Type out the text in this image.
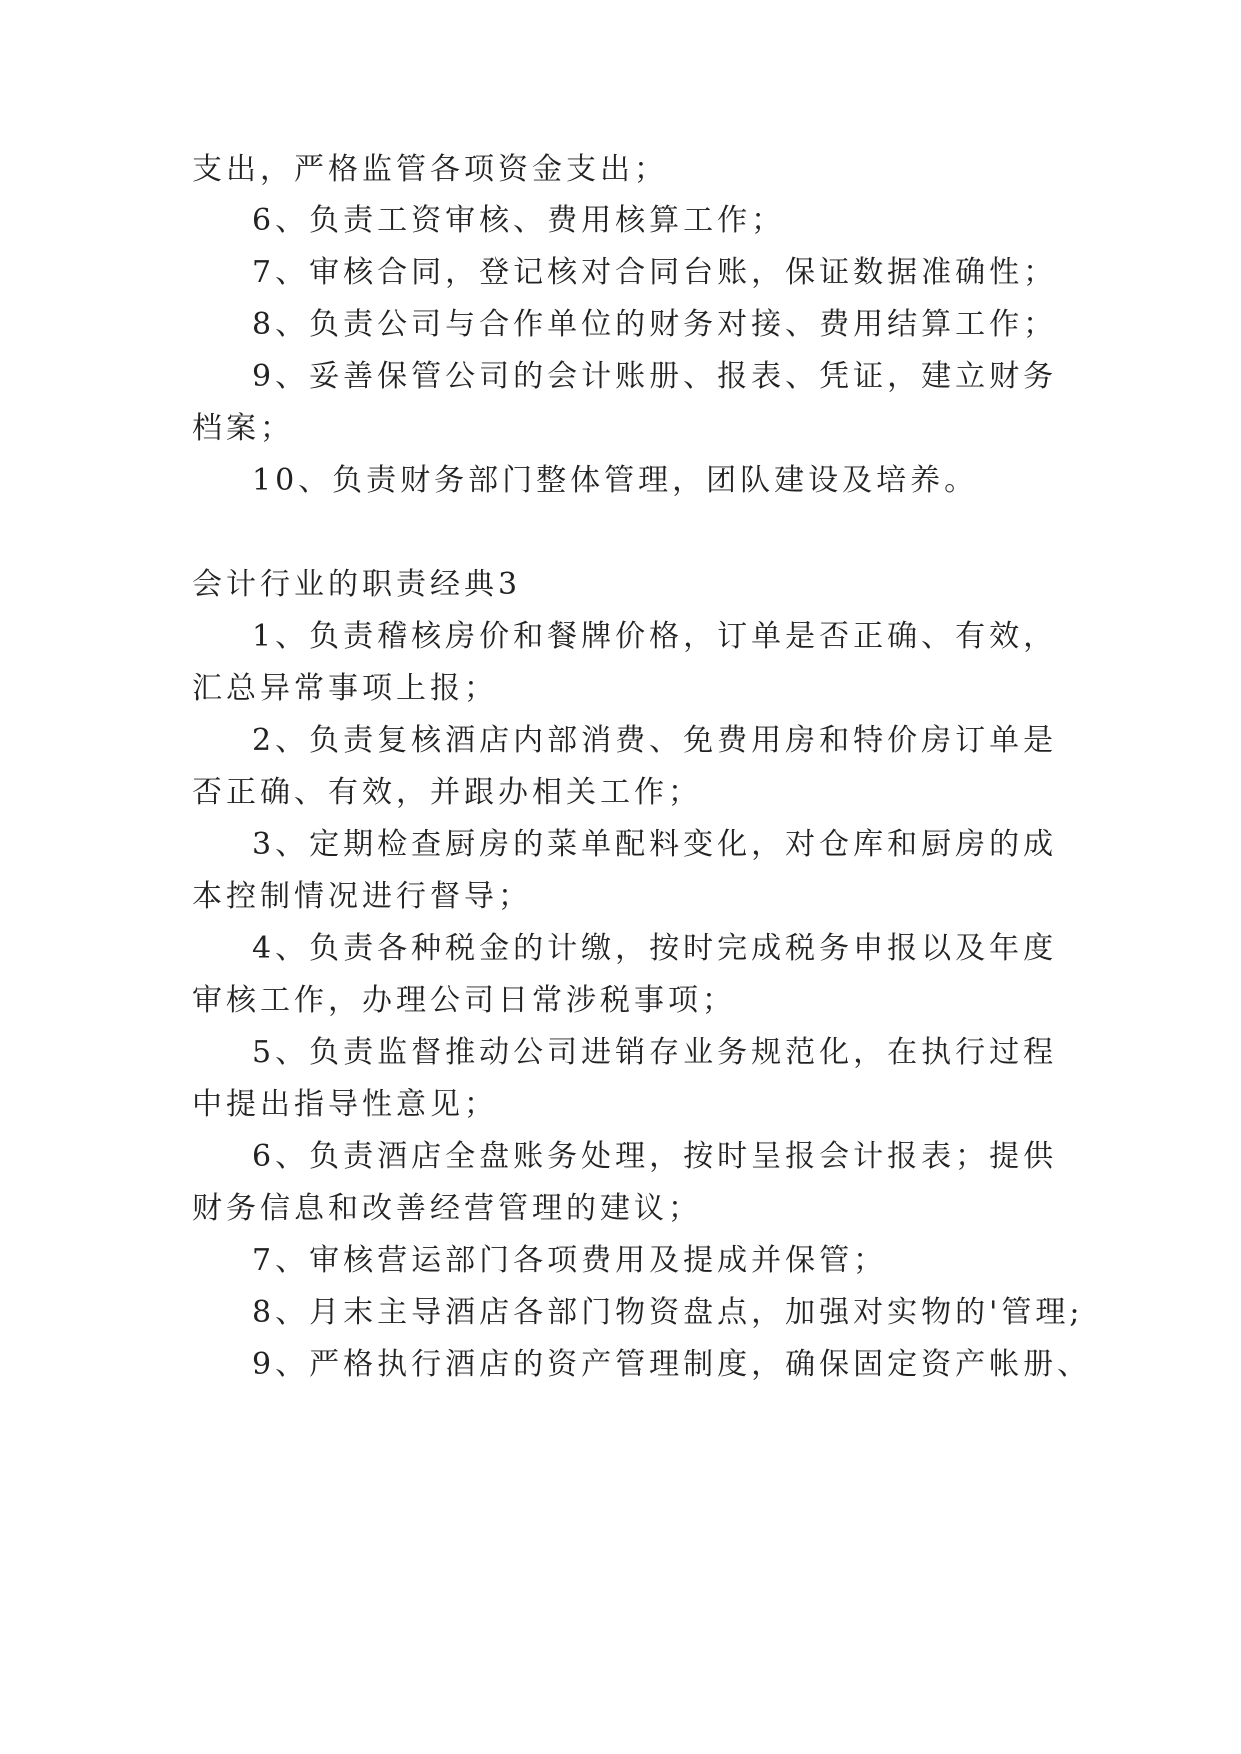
支出，严格监管各项资金支出；
6、负责工资审核、费用核算工作；
7、审核合同，登记核对合同台账，保证数据准确性；
8、负责公司与合作单位的财务对接、费用结算工作；
9、妥善保管公司的会计账册、报表、凭证，建立财务
档案；
10、负责财务部门整体管理，团队建设及培养。
会计行业的职责经典3
1、负责稽核房价和餐牌价格，订单是否正确、有效，
汇总异常事项上报；
2、负责复核酒店内部消费、免费用房和特价房订单是
否正确、有效，并跟办相关工作；
3、定期检查厨房的菜单配料变化，对仓库和厨房的成
本控制情况进行督导；
4、负责各种税金的计缴，按时完成税务申报以及年度
审核工作，办理公司日常涉税事项；
5、负责监督推动公司进销存业务规范化，在执行过程
中提出指导性意见；
6、负责酒店全盘账务处理，按时呈报会计报表；提供
财务信息和改善经营管理的建议；
7、审核营运部门各项费用及提成并保管；
8、月末主导酒店各部门物资盘点，加强对实物的'管理;
9、严格执行酒店的资产管理制度，确保固定资产帐册、
